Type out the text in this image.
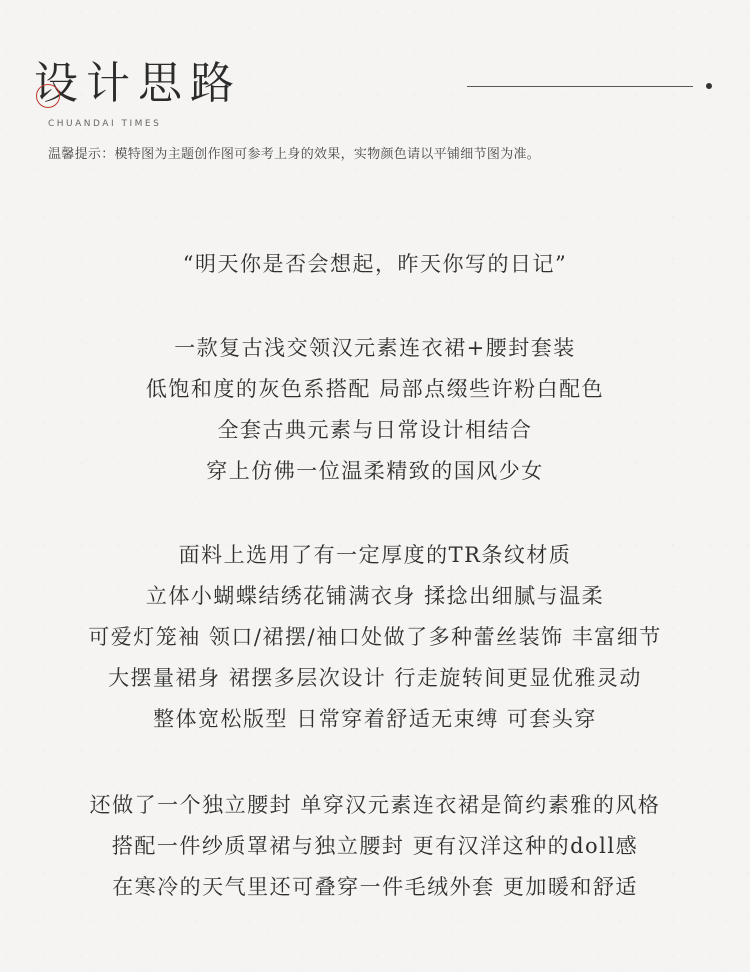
设计思路
CHUANDAI TIMES
温馨提示：模特图为主题创作图可参考上身的效果，实物颜色请以平铺细节图为准。
“明天你是否会想起，昨天你写的日记”
一款复古浅交领汉元素连衣裙+腰封套装
低饱和度的灰色系搭配 局部点缀些许粉白配色
全套古典元素与日常设计相结合
穿上仿佛一位温柔精致的国风少女
面料上选用了有一定厚度的TR条纹材质
立体小蝴蝶结绣花铺满衣身 揉捻出细腻与温柔
可爱灯笼袖 领口/裙摆/袖口处做了多种蕾丝装饰 丰富细节
大摆量裙身 裙摆多层次设计 行走旋转间更显优雅灵动
整体宽松版型 日常穿着舒适无束缚 可套头穿
还做了一个独立腰封 单穿汉元素连衣裙是简约素雅的风格
搭配一件纱质罩裙与独立腰封 更有汉洋这种的doll感
在寒冷的天气里还可叠穿一件毛绒外套 更加暖和舒适
